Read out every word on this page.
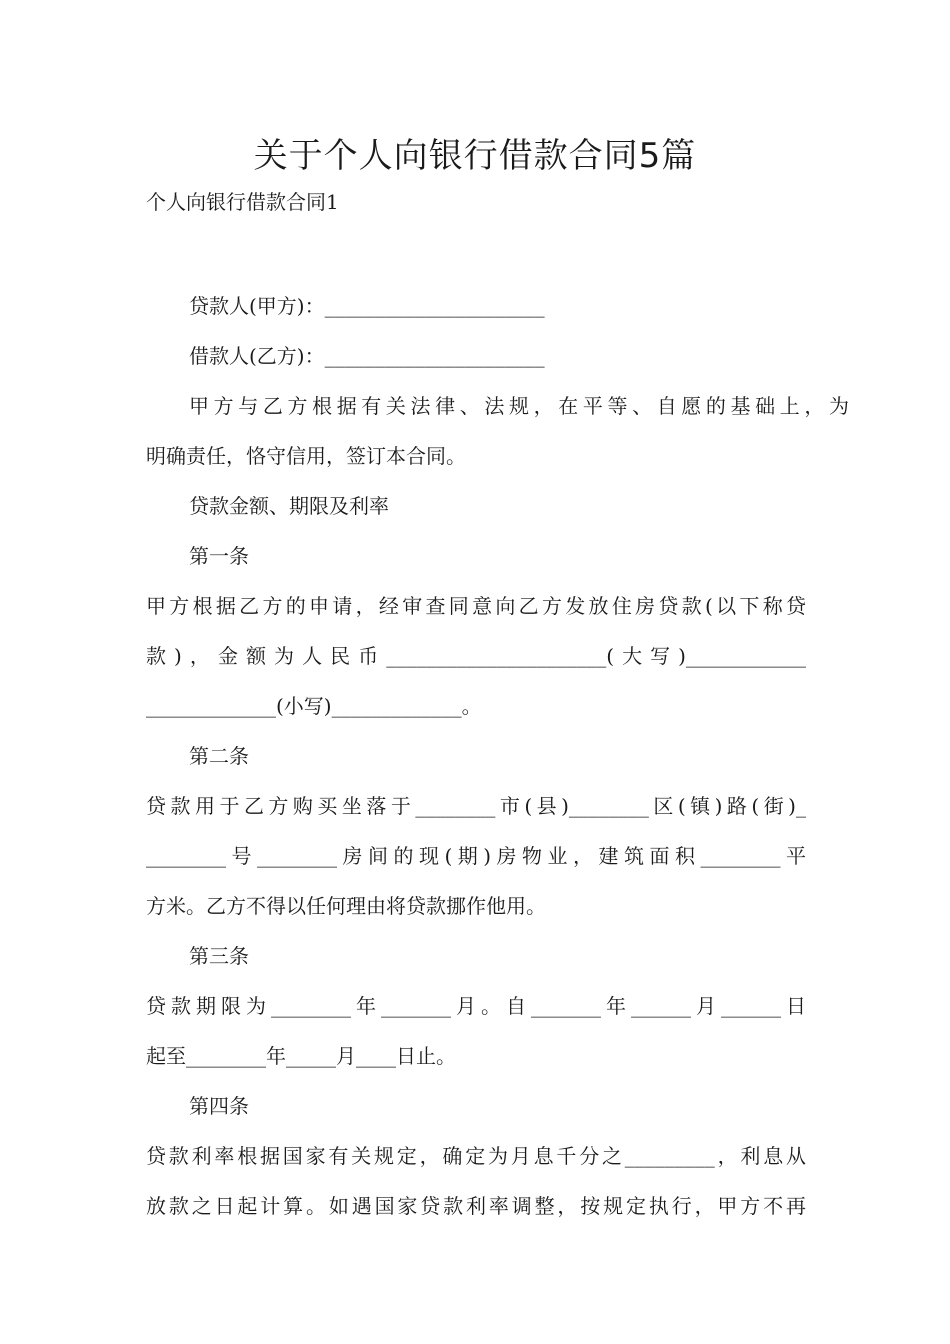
关于个人向银行借款合同5篇

个人向银行借款合同1

贷款人(甲方)：______________________

借款人(乙方)：______________________

甲方与乙方根据有关法律、法规，在平等、自愿的基础上，为

明确责任，恪守信用，签订本合同。

贷款金额、期限及利率

第一条

甲方根据乙方的申请，经审查同意向乙方发放住房贷款(以下称贷

款)，金额为人民币______________________(大写)____________

_____________(小写)_____________。

第二条

贷款用于乙方购买坐落于________市(县)________区(镇)路(街)_

________号________房间的现(期)房物业，建筑面积________平

方米。乙方不得以任何理由将贷款挪作他用。

第三条

贷款期限为________年_______月。自_______年______月______日

起至________年_____月____日止。

第四条

贷款利率根据国家有关规定，确定为月息千分之_________，利息从

放款之日起计算。如遇国家贷款利率调整，按规定执行，甲方不再
